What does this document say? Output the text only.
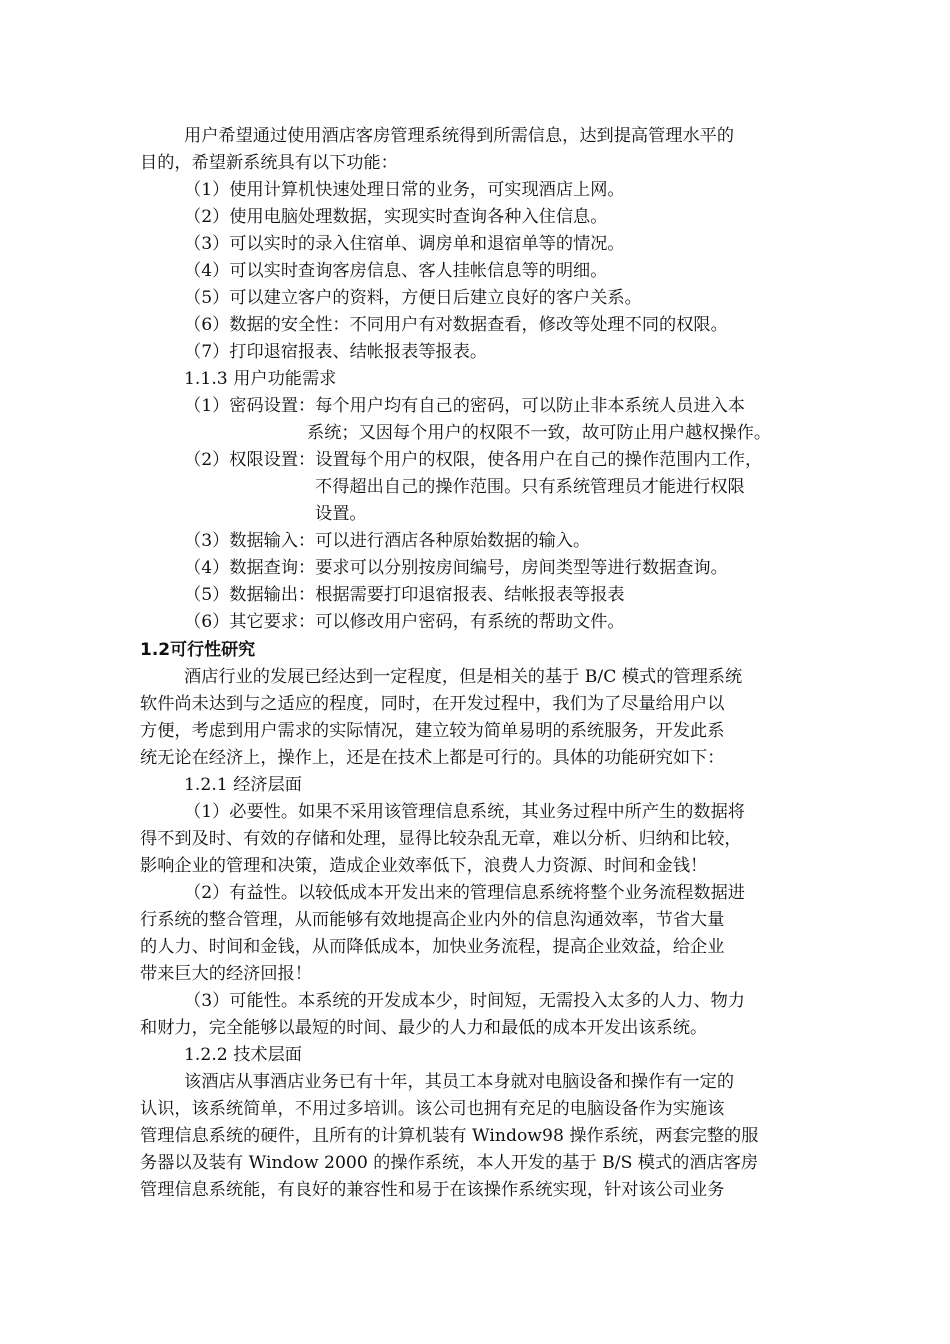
用户希望通过使用酒店客房管理系统得到所需信息，达到提高管理水平的

目的，希望新系统具有以下功能：

（1）使用计算机快速处理日常的业务，可实现酒店上网。

（2）使用电脑处理数据，实现实时查询各种入住信息。

（3）可以实时的录入住宿单、调房单和退宿单等的情况。

（4）可以实时查询客房信息、客人挂帐信息等的明细。

（5）可以建立客户的资料，方便日后建立良好的客户关系。

（6）数据的安全性：不同用户有对数据查看，修改等处理不同的权限。

（7）打印退宿报表、结帐报表等报表。

1.1.3 用户功能需求

（1）密码设置：每个用户均有自己的密码，可以防止非本系统人员进入本

系统；又因每个用户的权限不一致，故可防止用户越权操作。

（2）权限设置：设置每个用户的权限，使各用户在自己的操作范围内工作，

不得超出自己的操作范围。只有系统管理员才能进行权限

设置。

（3）数据输入：可以进行酒店各种原始数据的输入。

（4）数据查询：要求可以分别按房间编号，房间类型等进行数据查询。

（5）数据输出：根据需要打印退宿报表、结帐报表等报表

（6）其它要求：可以修改用户密码，有系统的帮助文件。

1.2可行性研究

酒店行业的发展已经达到一定程度，但是相关的基于 B/C 模式的管理系统

软件尚未达到与之适应的程度，同时，在开发过程中，我们为了尽量给用户以

方便，考虑到用户需求的实际情况，建立较为简单易明的系统服务，开发此系

统无论在经济上，操作上，还是在技术上都是可行的。具体的功能研究如下：

1.2.1 经济层面

（1）必要性。如果不采用该管理信息系统，其业务过程中所产生的数据将

得不到及时、有效的存储和处理，显得比较杂乱无章，难以分析、归纳和比较，

影响企业的管理和决策，造成企业效率低下，浪费人力资源、时间和金钱！

（2）有益性。以较低成本开发出来的管理信息系统将整个业务流程数据进

行系统的整合管理，从而能够有效地提高企业内外的信息沟通效率，节省大量

的人力、时间和金钱，从而降低成本，加快业务流程，提高企业效益，给企业

带来巨大的经济回报！

（3）可能性。本系统的开发成本少，时间短，无需投入太多的人力、物力

和财力，完全能够以最短的时间、最少的人力和最低的成本开发出该系统。

1.2.2 技术层面

该酒店从事酒店业务已有十年，其员工本身就对电脑设备和操作有一定的

认识，该系统简单，不用过多培训。该公司也拥有充足的电脑设备作为实施该

管理信息系统的硬件，且所有的计算机装有 Window98 操作系统，两套完整的服

务器以及装有 Window 2000 的操作系统，本人开发的基于 B/S 模式的酒店客房

管理信息系统能，有良好的兼容性和易于在该操作系统实现，针对该公司业务
